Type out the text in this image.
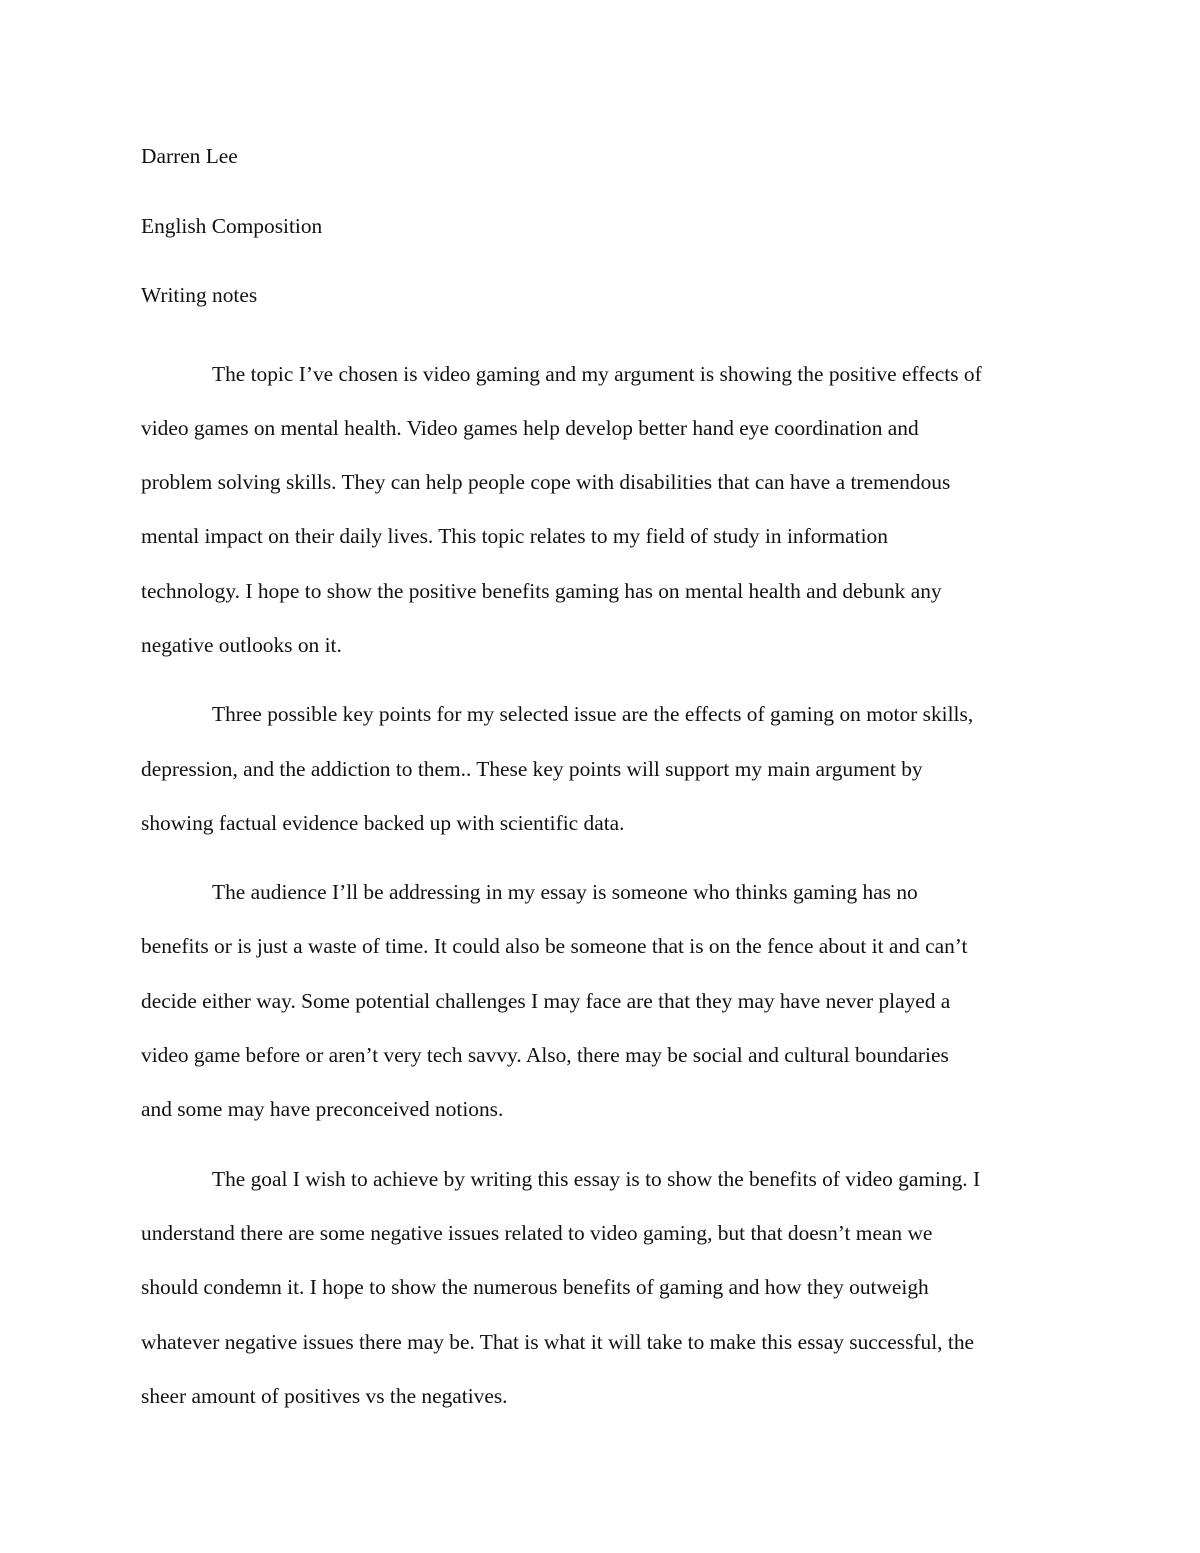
Darren Lee
English Composition
Writing notes
The topic I’ve chosen is video gaming and my argument is showing the positive effects of
video games on mental health. Video games help develop better hand eye coordination and
problem solving skills. They can help people cope with disabilities that can have a tremendous
mental impact on their daily lives. This topic relates to my field of study in information
technology. I hope to show the positive benefits gaming has on mental health and debunk any
negative outlooks on it.
Three possible key points for my selected issue are the effects of gaming on motor skills,
depression, and the addiction to them.. These key points will support my main argument by
showing factual evidence backed up with scientific data.
The audience I’ll be addressing in my essay is someone who thinks gaming has no
benefits or is just a waste of time. It could also be someone that is on the fence about it and can’t
decide either way. Some potential challenges I may face are that they may have never played a
video game before or aren’t very tech savvy. Also, there may be social and cultural boundaries
and some may have preconceived notions.
The goal I wish to achieve by writing this essay is to show the benefits of video gaming. I
understand there are some negative issues related to video gaming, but that doesn’t mean we
should condemn it. I hope to show the numerous benefits of gaming and how they outweigh
whatever negative issues there may be. That is what it will take to make this essay successful, the
sheer amount of positives vs the negatives.
